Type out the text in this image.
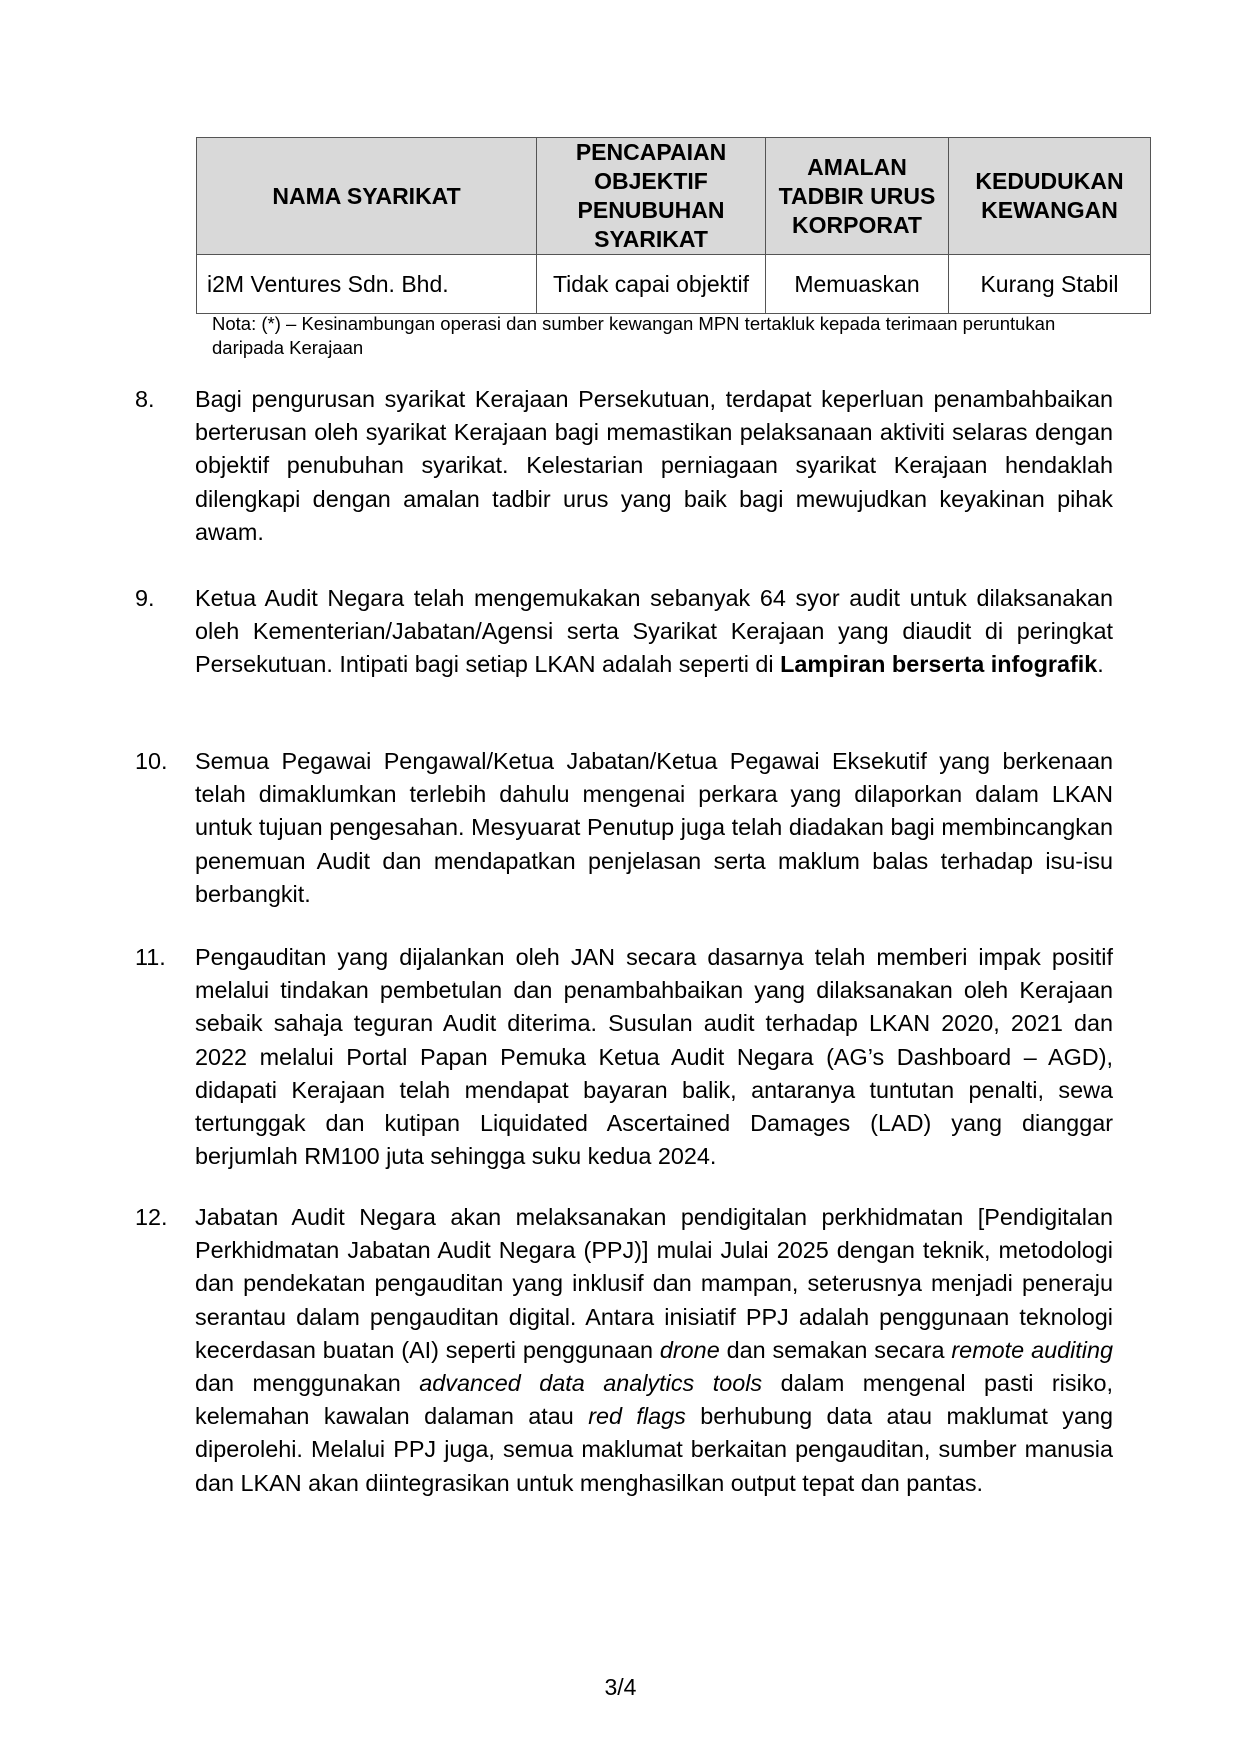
NAMA SYARIKAT	PENCAPAIAN OBJEKTIF PENUBUHAN SYARIKAT	AMALAN TADBIR URUS KORPORAT	KEDUDUKAN KEWANGAN
i2M Ventures Sdn. Bhd.	Tidak capai objektif	Memuaskan	Kurang Stabil
Nota: (*) – Kesinambungan operasi dan sumber kewangan MPN tertakluk kepada terimaan peruntukan daripada Kerajaan
8.	Bagi pengurusan syarikat Kerajaan Persekutuan, terdapat keperluan penambahbaikan berterusan oleh syarikat Kerajaan bagi memastikan pelaksanaan aktiviti selaras dengan objektif penubuhan syarikat. Kelestarian perniagaan syarikat Kerajaan hendaklah dilengkapi dengan amalan tadbir urus yang baik bagi mewujudkan keyakinan pihak awam.
9.	Ketua Audit Negara telah mengemukakan sebanyak 64 syor audit untuk dilaksanakan oleh Kementerian/Jabatan/Agensi serta Syarikat Kerajaan yang diaudit di peringkat Persekutuan. Intipati bagi setiap LKAN adalah seperti di Lampiran berserta infografik.
10.	Semua Pegawai Pengawal/Ketua Jabatan/Ketua Pegawai Eksekutif yang berkenaan telah dimaklumkan terlebih dahulu mengenai perkara yang dilaporkan dalam LKAN untuk tujuan pengesahan. Mesyuarat Penutup juga telah diadakan bagi membincangkan penemuan Audit dan mendapatkan penjelasan serta maklum balas terhadap isu-isu berbangkit.
11.	Pengauditan yang dijalankan oleh JAN secara dasarnya telah memberi impak positif melalui tindakan pembetulan dan penambahbaikan yang dilaksanakan oleh Kerajaan sebaik sahaja teguran Audit diterima. Susulan audit terhadap LKAN 2020, 2021 dan 2022 melalui Portal Papan Pemuka Ketua Audit Negara (AG’s Dashboard – AGD), didapati Kerajaan telah mendapat bayaran balik, antaranya tuntutan penalti, sewa tertunggak dan kutipan Liquidated Ascertained Damages (LAD) yang dianggar berjumlah RM100 juta sehingga suku kedua 2024.
12.	Jabatan Audit Negara akan melaksanakan pendigitalan perkhidmatan [Pendigitalan Perkhidmatan Jabatan Audit Negara (PPJ)] mulai Julai 2025 dengan teknik, metodologi dan pendekatan pengauditan yang inklusif dan mampan, seterusnya menjadi peneraju serantau dalam pengauditan digital. Antara inisiatif PPJ adalah penggunaan teknologi kecerdasan buatan (AI) seperti penggunaan drone dan semakan secara remote auditing dan menggunakan advanced data analytics tools dalam mengenal pasti risiko, kelemahan kawalan dalaman atau red flags berhubung data atau maklumat yang diperolehi. Melalui PPJ juga, semua maklumat berkaitan pengauditan, sumber manusia dan LKAN akan diintegrasikan untuk menghasilkan output tepat dan pantas.
3/4
